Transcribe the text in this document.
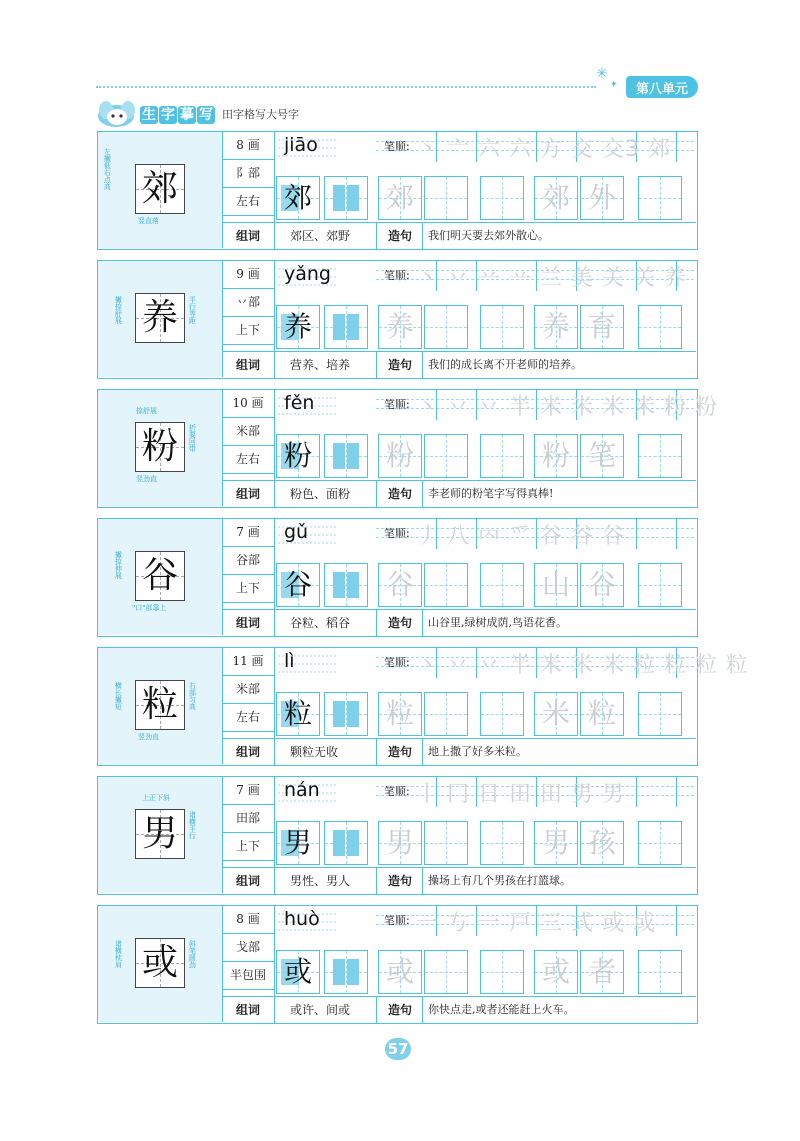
✳
✦	第八单元
生 字 摹 写 田字格写大号字
郊
左撇低右点高
竖直落
8 画
阝部
左右
jiāo
郊
笔顺: 丶 亠 六 六 方 交 交3 郊
郊	郊 外
组词 郊区、郊野	造句 我们明天要去郊外散心。
养
撇捺舒展	平行等距
9 画
丷部
上下
yǎng
养
笔顺: 丶 丷 䒑 䒑 兰 美 关 关 养
养	养 育
组词 营养、培养	造句 我们的成长离不开老师的培养。
粉
捺舒展
竖劲直
折要回带
10 画
米部
左右
fěn
粉
笔顺: 丶 丷 丷 半 米 米 米 米 粉 粉
粉	粉 笔
组词 粉色、面粉	造句 李老师的粉笔字写得真棒!
谷
撇捺伸展
"口"部靠上
7 画
谷部
上下
gǔ
谷
笔顺: 丿 八 𠔿 爫 谷 谷 谷
谷	山 谷
组词 谷粒、稻谷	造句 山谷里,绿树成荫,鸟语花香。
粒
横长撇短
竖劲直
右部匀高
11 画
米部
左右
lì
粒
笔顺: 丶 丷 丷 半 米 米 米 粒 粒 粒 粒
粒	米 粒
组词 颗粒无收	造句 地上撒了好多米粒。
男
上正下斜
诸横平行
7 画
田部
上下
nán
男
笔顺: 丨 冂 日 田 田 男 男
男	男 孩
组词 男性、男人	造句 操场上有几个男孩在打篮球。
或
诸横枕肩	斜笔圆劲
8 画
戈部
半包围
huò
或
笔顺: 一 𠀁 一 戸 三 式 或 或
或	或 者
组词 或许、间或	造句 你快点走,或者还能赶上火车。
57
